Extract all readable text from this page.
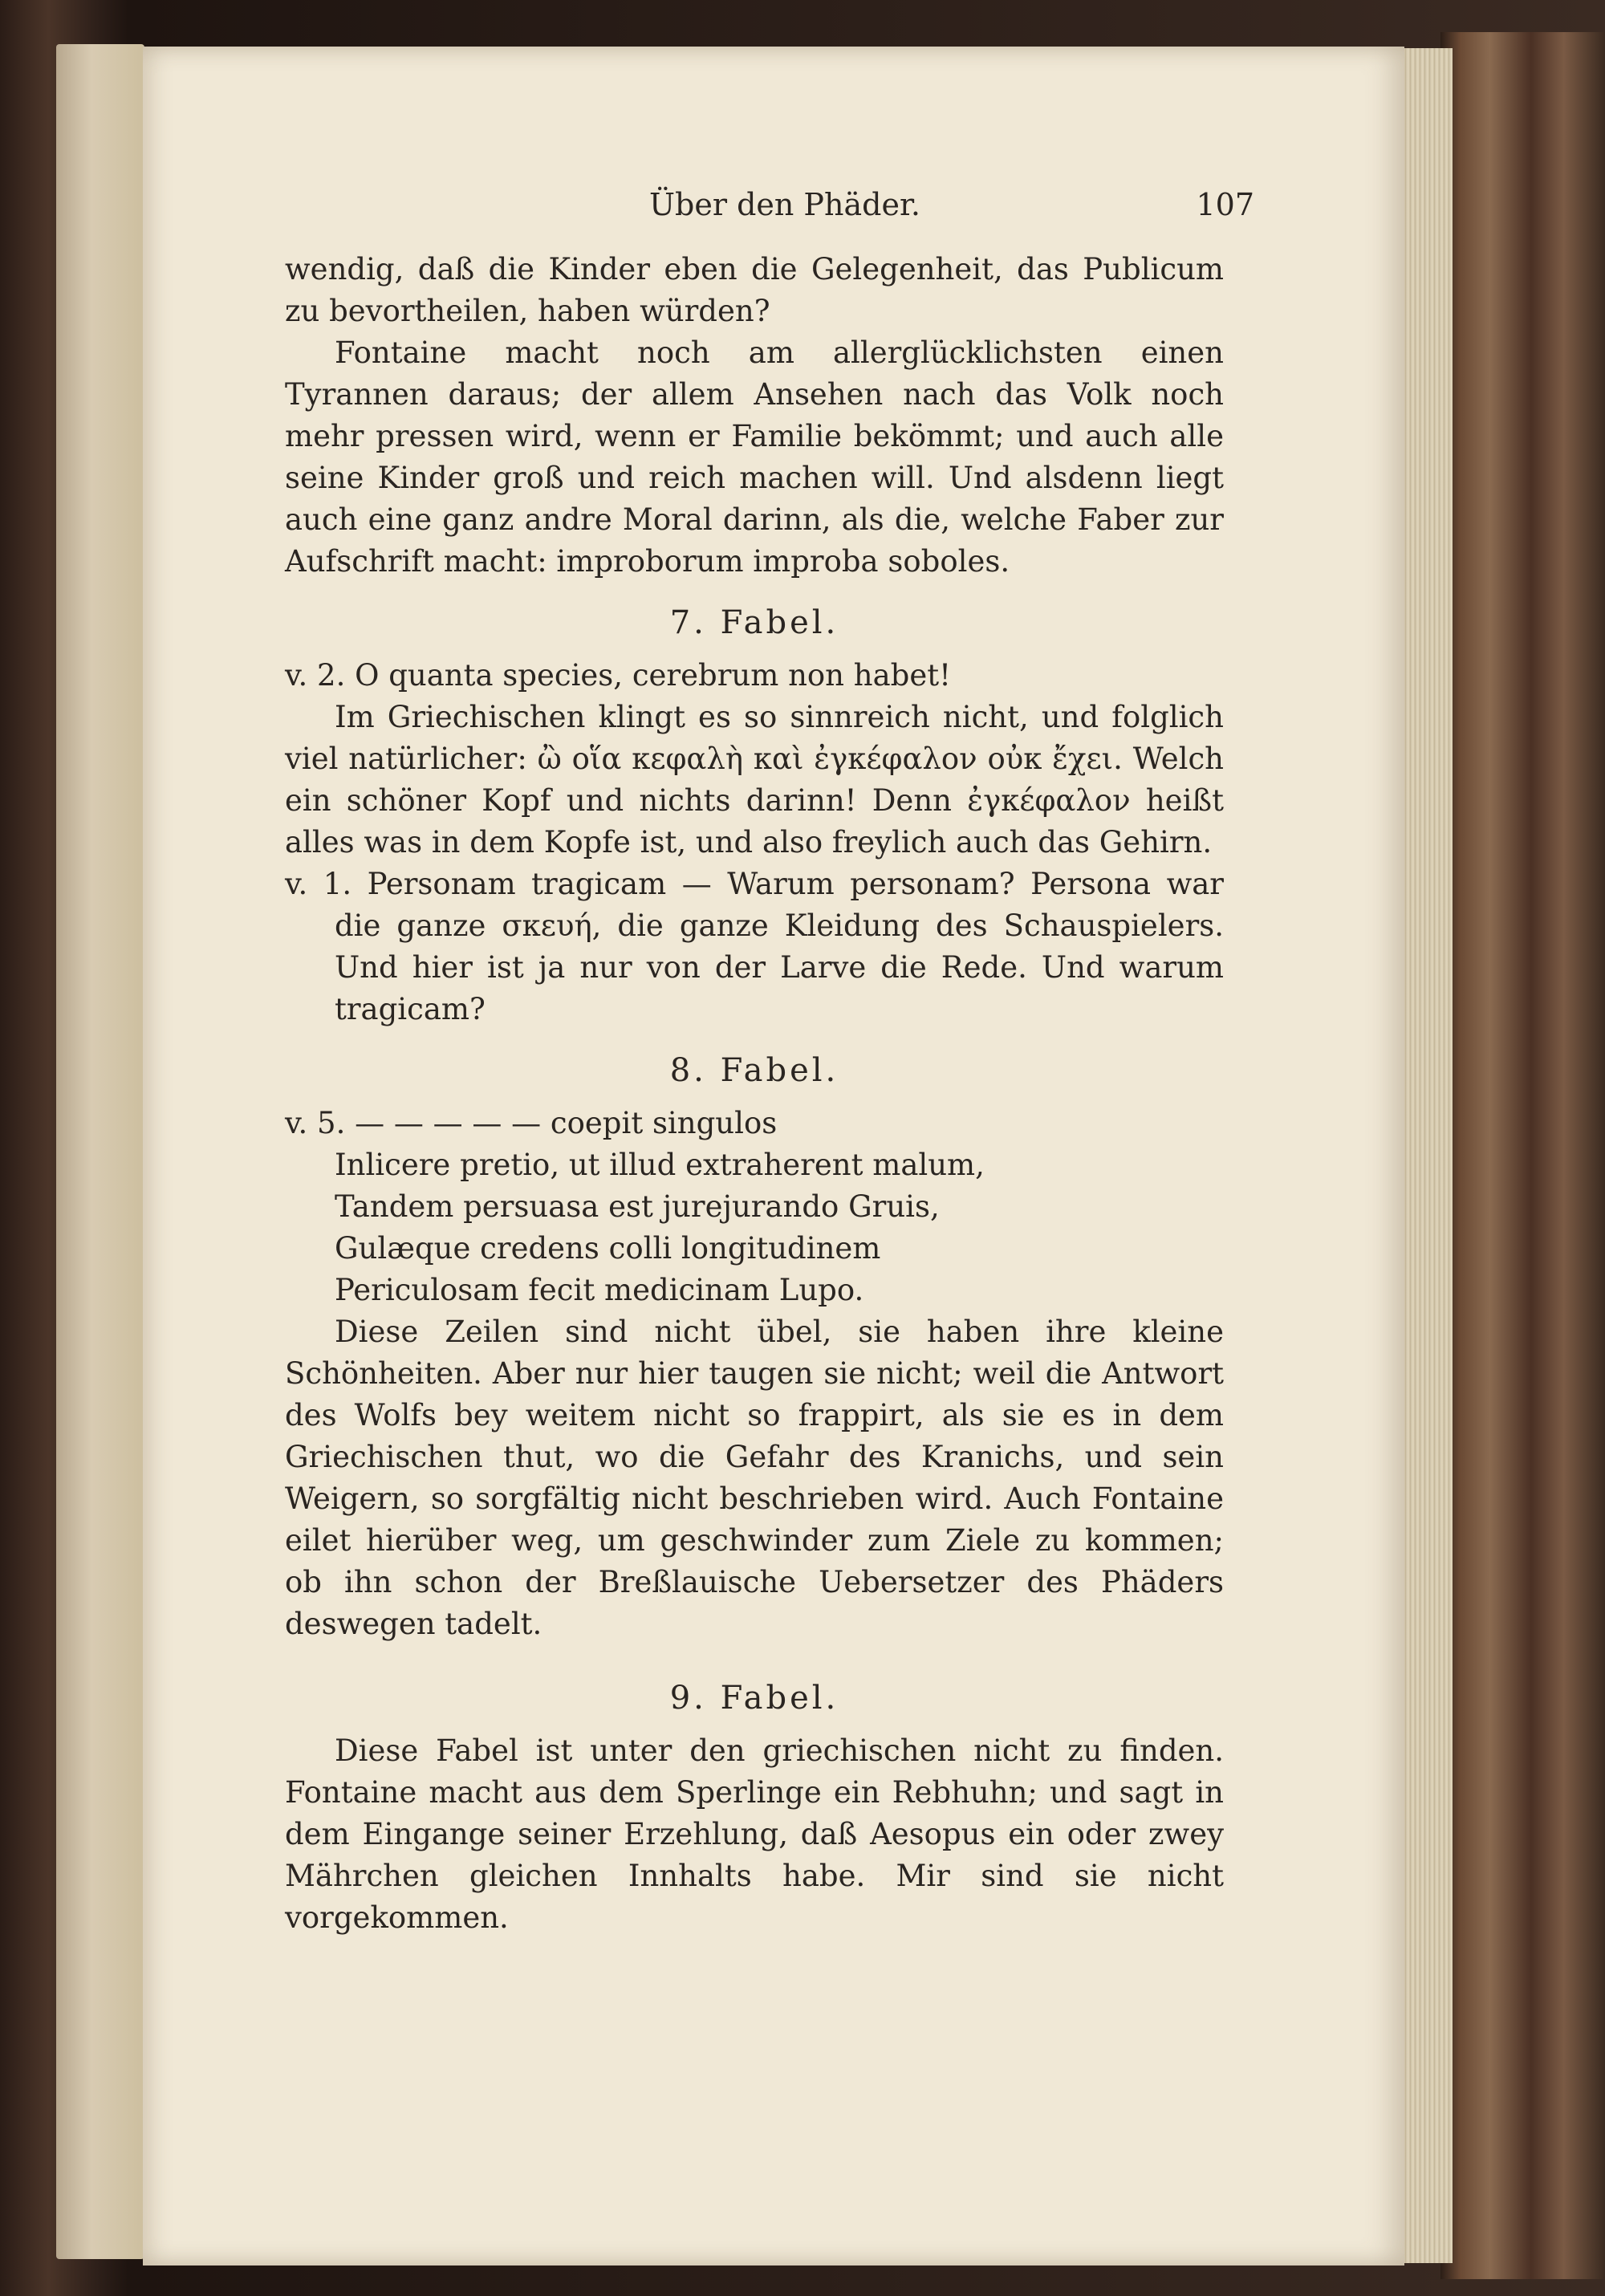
Über den Phäder.	107

wendig, daß die Kinder eben die Gelegenheit, das Publicum zu bevortheilen, haben würden?

Fontaine macht noch am allerglücklichsten einen Tyrannen daraus; der allem Ansehen nach das Volk noch mehr pressen wird, wenn er Familie bekömmt; und auch alle seine Kinder groß und reich machen will. Und alsdenn liegt auch eine ganz andre Moral darinn, als die, welche Faber zur Aufschrift macht: improborum improba soboles.

7. Fabel.

v. 2. O quanta species, cerebrum non habet!

Im Griechischen klingt es so sinnreich nicht, und folglich viel natürlicher: ὢ οἵα κεφαλὴ καὶ ἐγκέφαλον οὐκ ἔχει. Welch ein schöner Kopf und nichts darinn! Denn ἐγκέφαλον heißt alles was in dem Kopfe ist, und also freylich auch das Gehirn.

v. 1. Personam tragicam — Warum personam? Persona war die ganze σκευή, die ganze Kleidung des Schauspielers. Und hier ist ja nur von der Larve die Rede. Und warum tragicam?

8. Fabel.

v. 5. — — — — — coepit singulos

Inlicere pretio, ut illud extraherent malum,

Tandem persuasa est jurejurando Gruis,

Gulæque credens colli longitudinem

Periculosam fecit medicinam Lupo.

Diese Zeilen sind nicht übel, sie haben ihre kleine Schönheiten. Aber nur hier taugen sie nicht; weil die Antwort des Wolfs bey weitem nicht so frappirt, als sie es in dem Griechischen thut, wo die Gefahr des Kranichs, und sein Weigern, so sorgfältig nicht beschrieben wird. Auch Fontaine eilet hierüber weg, um geschwinder zum Ziele zu kommen; ob ihn schon der Breßlauische Uebersetzer des Phäders deswegen tadelt.

9. Fabel.

Diese Fabel ist unter den griechischen nicht zu finden. Fontaine macht aus dem Sperlinge ein Rebhuhn; und sagt in dem Eingange seiner Erzehlung, daß Aesopus ein oder zwey Mährchen gleichen Innhalts habe. Mir sind sie nicht vorgekommen.
